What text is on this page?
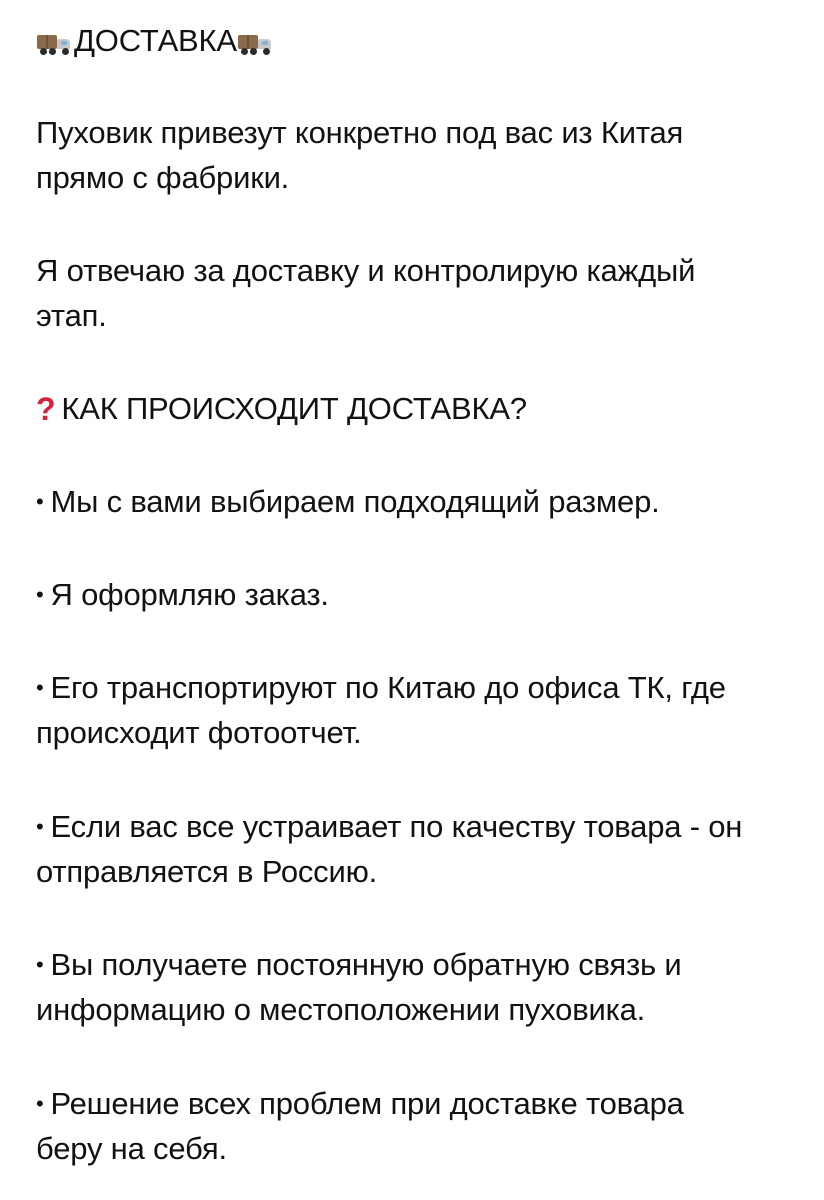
ДОСТАВКА
Пуховик привезут конкретно под вас из Китая
прямо с фабрики.
Я отвечаю за доставку и контролирую каждый
этап.
? КАК ПРОИСХОДИТ ДОСТАВКА?
• Мы с вами выбираем подходящий размер.
• Я оформляю заказ.
• Его транспортируют по Китаю до офиса ТК, где
происходит фотоотчет.
• Если вас все устраивает по качеству товара - он
отправляется в Россию.
• Вы получаете постоянную обратную связь и
информацию о местоположении пуховика.
• Решение всех проблем при доставке товара
беру на себя.
